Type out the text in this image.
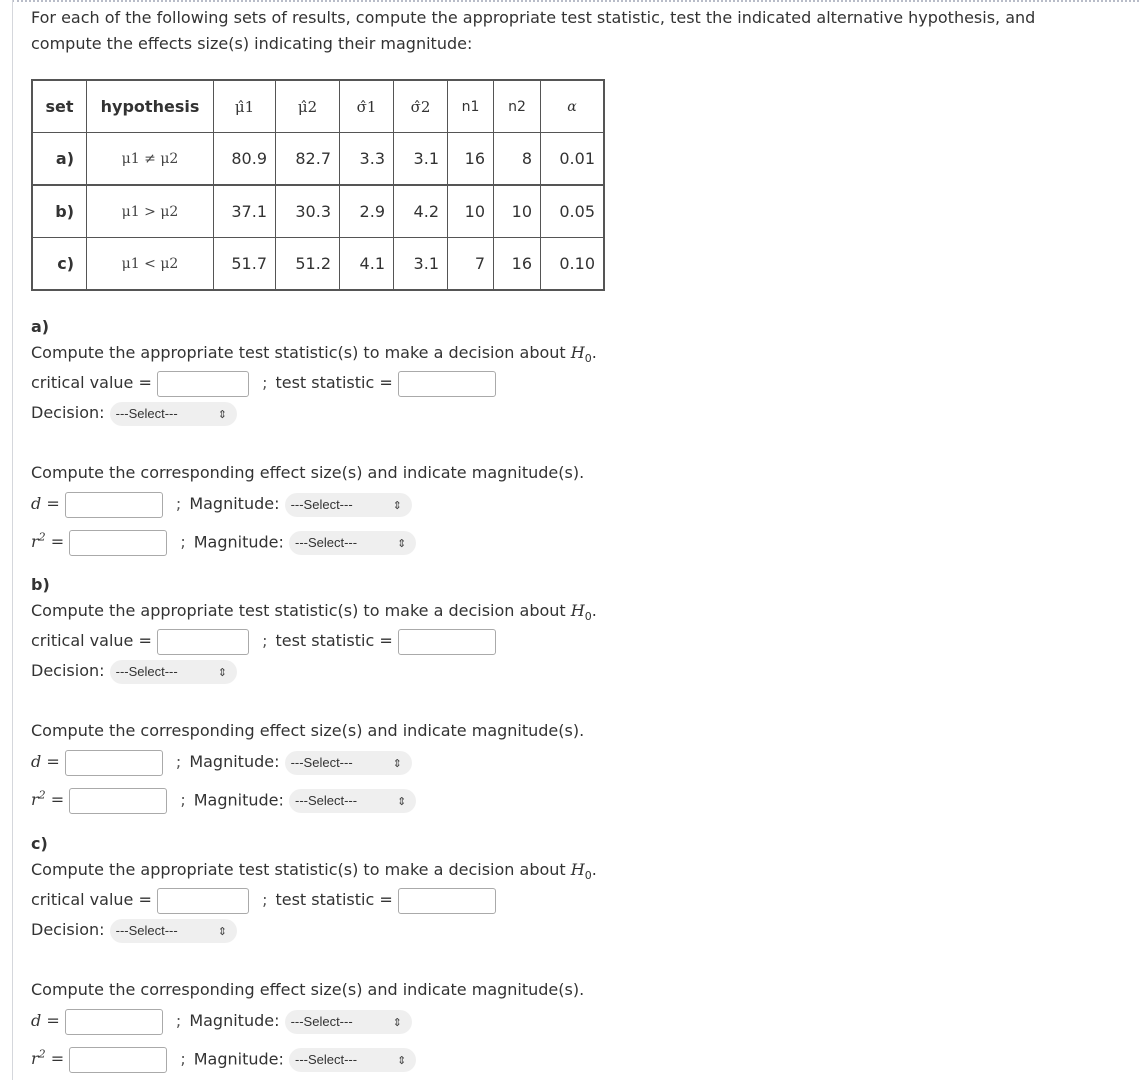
For each of the following sets of results, compute the appropriate test statistic, test the indicated alternative hypothesis, and

compute the effects size(s) indicating their magnitude:

set	hypothesis	μ̂1	μ̂2	σ̂1	σ̂2	n1	n2	α
a)	μ1 ≠ μ2	80.9	82.7	3.3	3.1	16	8	0.01
b)	μ1 > μ2	37.1	30.3	2.9	4.2	10	10	0.05
c)	μ1 < μ2	51.7	51.2	4.1	3.1	7	16	0.10
a)
Compute the appropriate test statistic(s) to make a decision about $H_0$.
critical value =	; test statistic =
Decision: ---Select---	⇕
Compute the corresponding effect size(s) and indicate magnitude(s).
d =	; Magnitude: ---Select---	⇕
$r^2$ =	; Magnitude: ---Select---	⇕
b)
Compute the appropriate test statistic(s) to make a decision about $H_0$.
critical value =	; test statistic =
Decision: ---Select---	⇕
Compute the corresponding effect size(s) and indicate magnitude(s).
d =	; Magnitude: ---Select---	⇕
$r^2$ =	; Magnitude: ---Select---	⇕
c)
Compute the appropriate test statistic(s) to make a decision about $H_0$.
critical value =	; test statistic =
Decision: ---Select---	⇕
Compute the corresponding effect size(s) and indicate magnitude(s).
d =	; Magnitude: ---Select---	⇕
$r^2$ =	; Magnitude: ---Select---	⇕
